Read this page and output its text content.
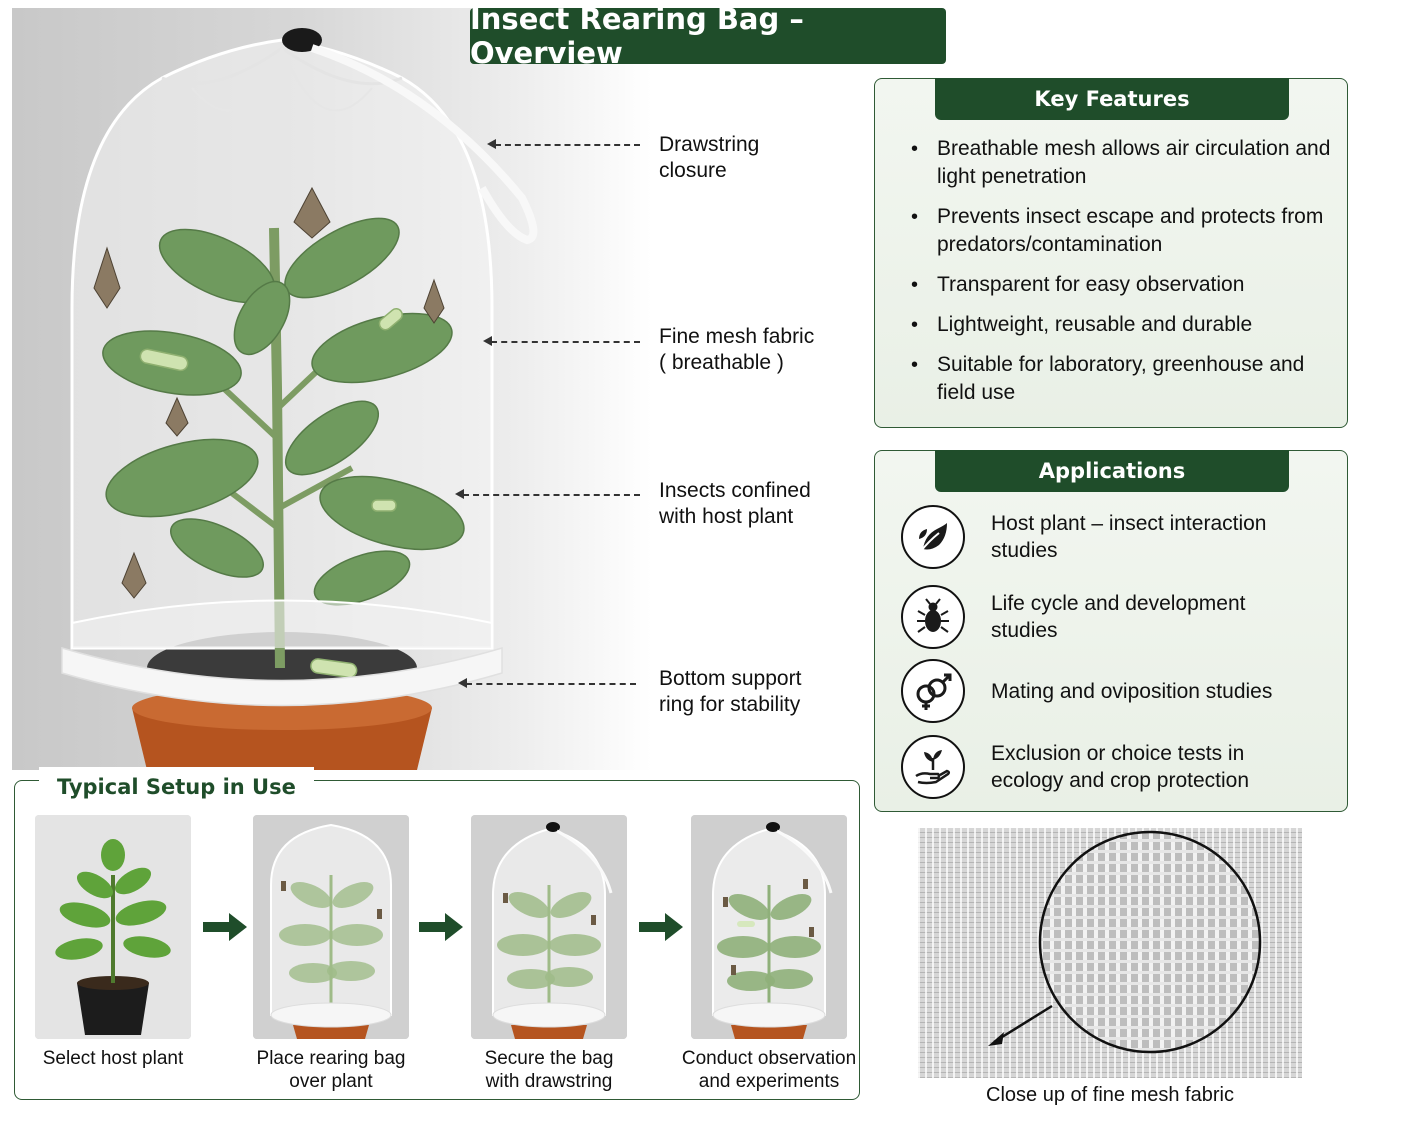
Drawstring
closure
Fine mesh fabric
( breathable )
Insects confined
with host plant
Bottom support
ring for stability
Insect Rearing Bag – Overview
Key Features
• Breathable mesh allows air circulation and light penetration
• Prevents insect escape and protects from predators/contamination
• Transparent for easy observation
• Lightweight, reusable and durable
• Suitable for laboratory, greenhouse and field use
Applications
Host plant – insect interaction studies
Life cycle and development studies
Mating and oviposition studies
Exclusion or choice tests in ecology and crop protection
Close up of fine mesh fabric
Typical Setup in Use
Select host plant	Place rearing bag
over plant
Secure the bag
with drawstring
Conduct observation
and experiments
